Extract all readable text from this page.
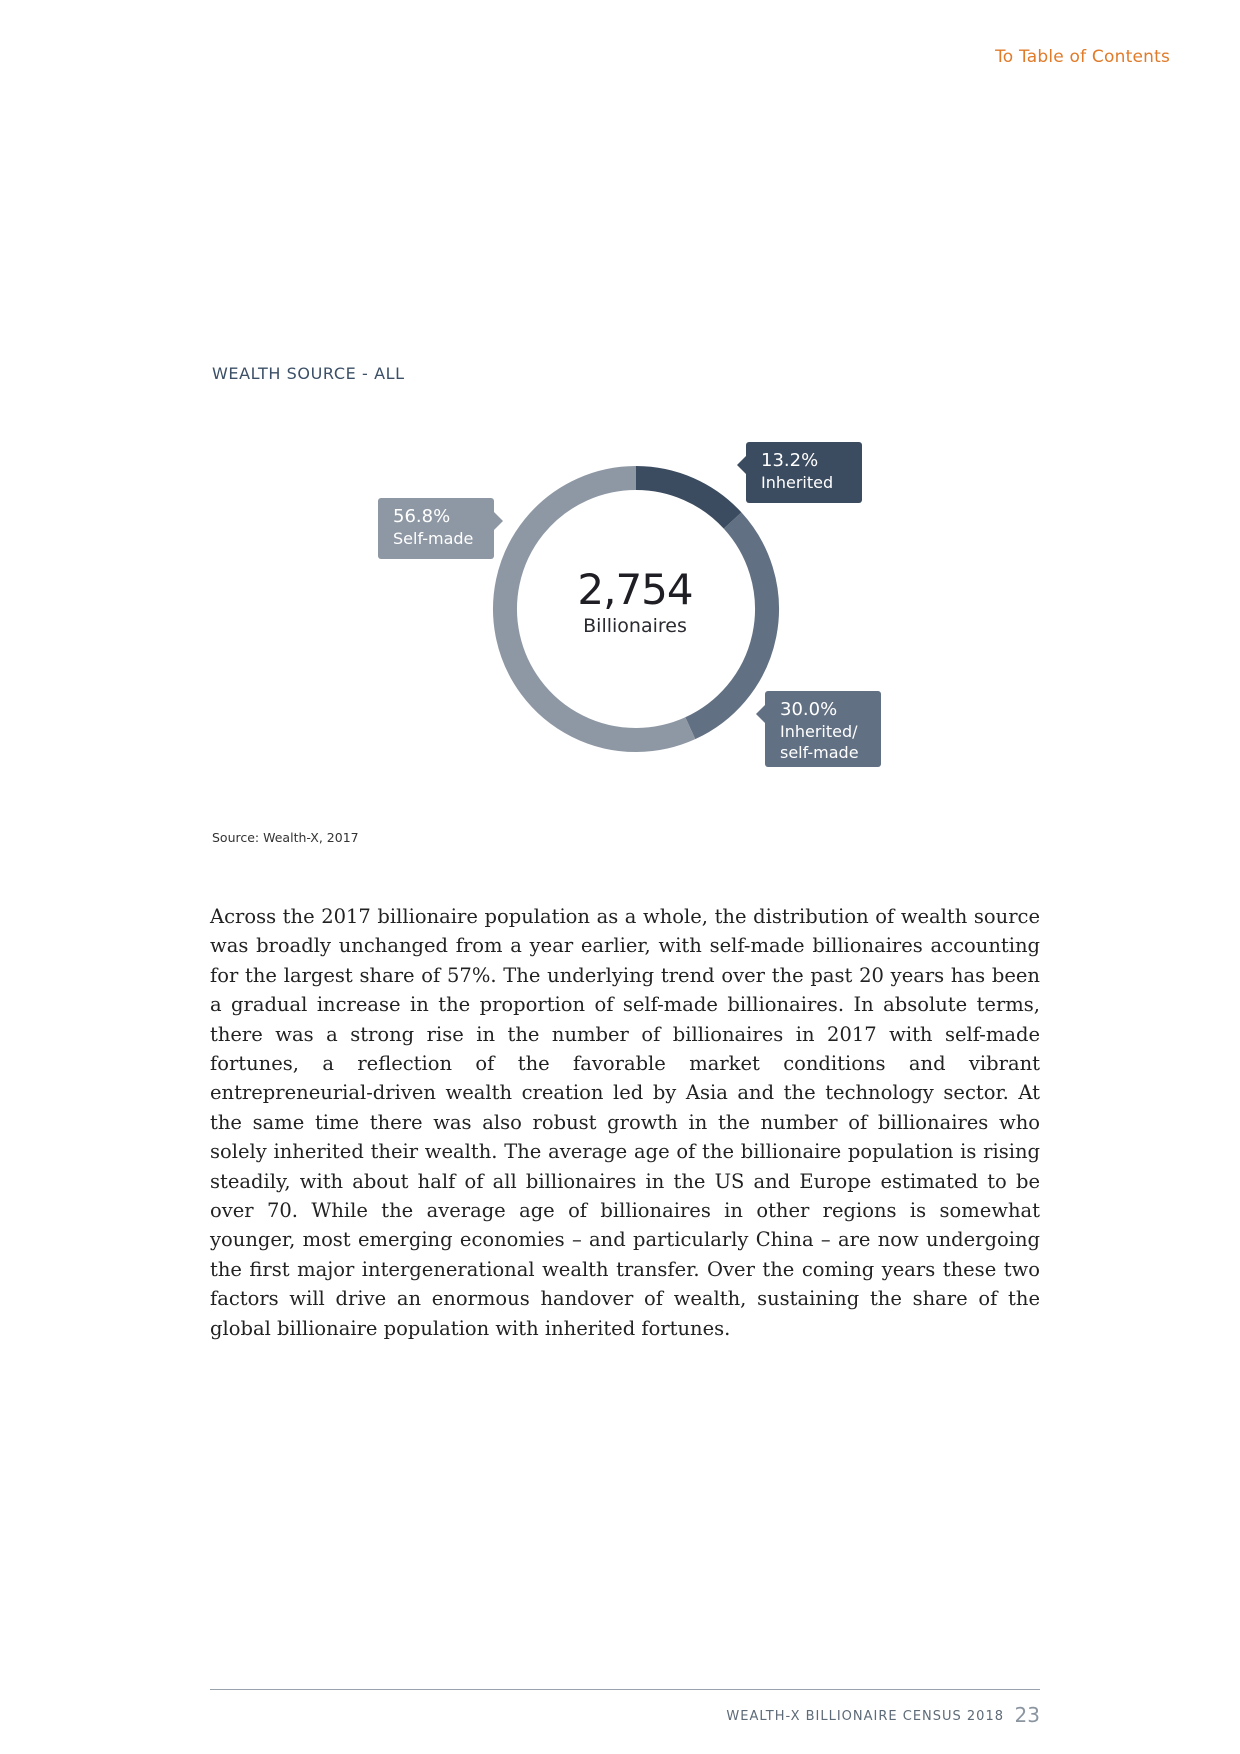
To Table of Contents
WEALTH SOURCE - ALL
2,754
Billionaires
13.2%
Inherited
56.8%
Self-made
30.0%
Inherited/
self-made
Source: Wealth-X, 2017

Across the 2017 billionaire population as a whole, the distribution of wealth source was broadly unchanged from a year earlier, with self-made billionaires accounting for the largest share of 57%. The underlying trend over the past 20 years has been a gradual increase in the proportion of self-made billionaires. In absolute terms, there was a strong rise in the number of billionaires in 2017 with self-made fortunes, a reflection of the favorable market conditions and vibrant entrepreneurial-driven wealth creation led by Asia and the technology sector. At the same time there was also robust growth in the number of billionaires who solely inherited their wealth. The average age of the billionaire population is rising steadily, with about half of all billionaires in the US and Europe estimated to be over 70. While the average age of billionaires in other regions is somewhat younger, most emerging economies – and particularly China – are now undergoing the first major intergenerational wealth transfer. Over the coming years these two factors will drive an enormous handover of wealth, sustaining the share of the global billionaire population with inherited fortunes.

WEALTH-X BILLIONAIRE CENSUS 2018 23
